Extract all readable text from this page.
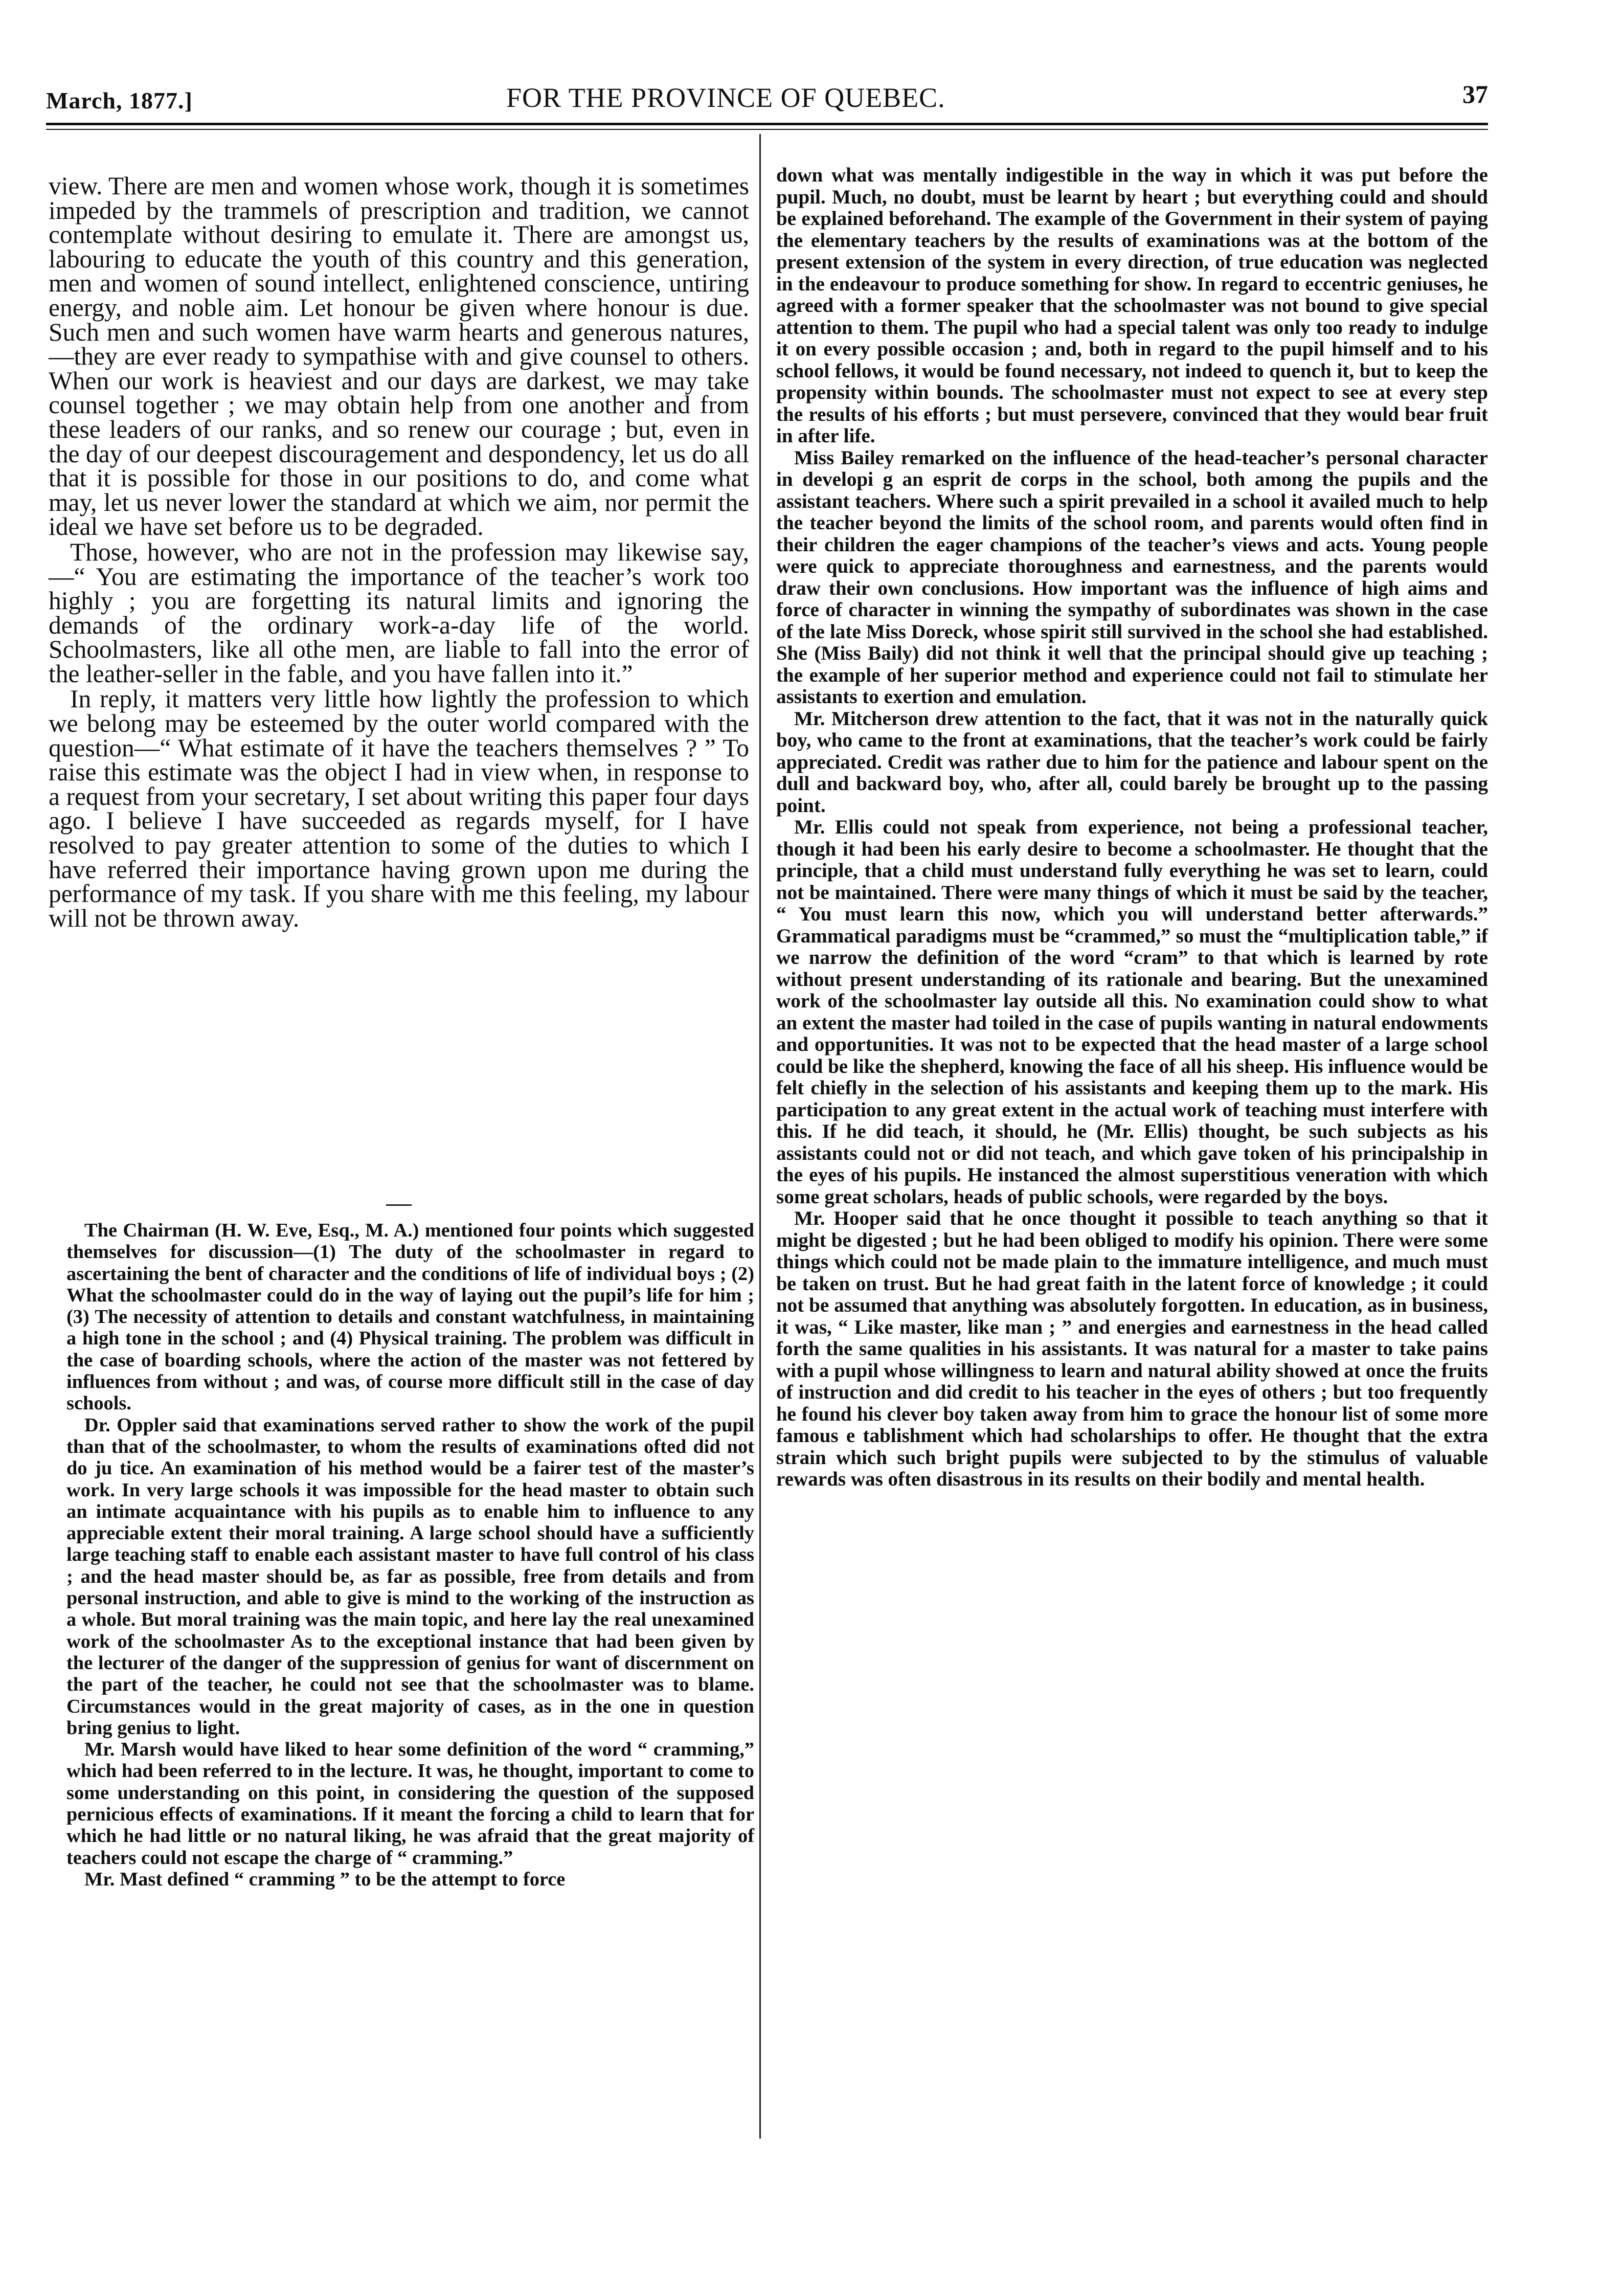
March, 1877.]	FOR THE PROVINCE OF QUEBEC.	37

view. There are men and women whose work, though it is sometimes impeded by the trammels of prescription and tradition, we cannot contemplate without desiring to emulate it. There are amongst us, labouring to educate the youth of this country and this generation, men and women of sound intellect, enlightened conscience, untiring energy, and noble aim. Let honour be given where honour is due. Such men and such women have warm hearts and generous natures,—they are ever ready to sympathise with and give counsel to others. When our work is heaviest and our days are darkest, we may take counsel together ; we may obtain help from one another and from these leaders of our ranks, and so renew our courage ; but, even in the day of our deepest discouragement and despondency, let us do all that it is possible for those in our positions to do, and come what may, let us never lower the standard at which we aim, nor permit the ideal we have set before us to be degraded.

Those, however, who are not in the profession may likewise say,—“ You are estimating the importance of the teacher’s work too highly ; you are forgetting its natural limits and ignoring the demands of the ordinary work-a-day life of the world. Schoolmasters, like all othe men, are liable to fall into the error of the leather-seller in the fable, and you have fallen into it.”

In reply, it matters very little how lightly the profession to which we belong may be esteemed by the outer world compared with the question—“ What estimate of it have the teachers themselves ? ” To raise this estimate was the object I had in view when, in response to a request from your secretary, I set about writing this paper four days ago. I believe I have succeeded as regards myself, for I have resolved to pay greater attention to some of the duties to which I have referred their importance having grown upon me during the performance of my task. If you share with me this feeling, my labour will not be thrown away.

The Chairman (H. W. Eve, Esq., M. A.) mentioned four points which suggested themselves for discussion—(1) The duty of the schoolmaster in regard to ascertaining the bent of character and the conditions of life of individual boys ; (2) What the schoolmaster could do in the way of laying out the pupil’s life for him ; (3) The necessity of attention to details and constant watchfulness, in maintaining a high tone in the school ; and (4) Physical training. The problem was difficult in the case of boarding schools, where the action of the master was not fettered by influences from without ; and was, of course more difficult still in the case of day schools.

Dr. Oppler said that examinations served rather to show the work of the pupil than that of the schoolmaster, to whom the results of examinations ofted did not do ju tice. An examination of his method would be a fairer test of the master’s work. In very large schools it was impossible for the head master to obtain such an intimate acquaintance with his pupils as to enable him to influence to any appreciable extent their moral training. A large school should have a sufficiently large teaching staff to enable each assistant master to have full control of his class ; and the head master should be, as far as possible, free from details and from personal instruction, and able to give is mind to the working of the instruction as a whole. But moral training was the main topic, and here lay the real unexamined work of the schoolmaster As to the exceptional instance that had been given by the lecturer of the danger of the suppression of genius for want of discernment on the part of the teacher, he could not see that the schoolmaster was to blame. Circumstances would in the great majority of cases, as in the one in question bring genius to light.

Mr. Marsh would have liked to hear some definition of the word “ cramming,” which had been referred to in the lecture. It was, he thought, important to come to some understanding on this point, in considering the question of the supposed pernicious effects of examinations. If it meant the forcing a child to learn that for which he had little or no natural liking, he was afraid that the great majority of teachers could not escape the charge of “ cramming.”

Mr. Mast defined “ cramming ” to be the attempt to force

down what was mentally indigestible in the way in which it was put before the pupil. Much, no doubt, must be learnt by heart ; but everything could and should be explained beforehand. The example of the Government in their system of paying the elementary teachers by the results of examinations was at the bottom of the present extension of the system in every direction, of true education was neglected in the endeavour to produce something for show. In regard to eccentric geniuses, he agreed with a former speaker that the schoolmaster was not bound to give special attention to them. The pupil who had a special talent was only too ready to indulge it on every possible occasion ; and, both in regard to the pupil himself and to his school fellows, it would be found necessary, not indeed to quench it, but to keep the propensity within bounds. The schoolmaster must not expect to see at every step the results of his efforts ; but must persevere, convinced that they would bear fruit in after life.

Miss Bailey remarked on the influence of the head-teacher’s personal character in developi g an esprit de corps in the school, both among the pupils and the assistant teachers. Where such a spirit prevailed in a school it availed much to help the teacher beyond the limits of the school room, and parents would often find in their children the eager champions of the teacher’s views and acts. Young people were quick to appreciate thoroughness and earnestness, and the parents would draw their own conclusions. How important was the influence of high aims and force of character in winning the sympathy of subordinates was shown in the case of the late Miss Doreck, whose spirit still survived in the school she had established. She (Miss Baily) did not think it well that the principal should give up teaching ; the example of her superior method and experience could not fail to stimulate her assistants to exertion and emulation.

Mr. Mitcherson drew attention to the fact, that it was not in the naturally quick boy, who came to the front at examinations, that the teacher’s work could be fairly appreciated. Credit was rather due to him for the patience and labour spent on the dull and backward boy, who, after all, could barely be brought up to the passing point.

Mr. Ellis could not speak from experience, not being a professional teacher, though it had been his early desire to become a schoolmaster. He thought that the principle, that a child must understand fully everything he was set to learn, could not be maintained. There were many things of which it must be said by the teacher, “ You must learn this now, which you will understand better afterwards.” Grammatical paradigms must be “crammed,” so must the “multiplication table,” if we narrow the definition of the word “cram” to that which is learned by rote without present understanding of its rationale and bearing. But the unexamined work of the schoolmaster lay outside all this. No examination could show to what an extent the master had toiled in the case of pupils wanting in natural endowments and opportunities. It was not to be expected that the head master of a large school could be like the shepherd, knowing the face of all his sheep. His influence would be felt chiefly in the selection of his assistants and keeping them up to the mark. His participation to any great extent in the actual work of teaching must interfere with this. If he did teach, it should, he (Mr. Ellis) thought, be such subjects as his assistants could not or did not teach, and which gave token of his principalship in the eyes of his pupils. He instanced the almost superstitious veneration with which some great scholars, heads of public schools, were regarded by the boys.

Mr. Hooper said that he once thought it possible to teach anything so that it might be digested ; but he had been obliged to modify his opinion. There were some things which could not be made plain to the immature intelligence, and much must be taken on trust. But he had great faith in the latent force of knowledge ; it could not be assumed that anything was absolutely forgotten. In education, as in business, it was, “ Like master, like man ; ” and energies and earnestness in the head called forth the same qualities in his assistants. It was natural for a master to take pains with a pupil whose willingness to learn and natural ability showed at once the fruits of instruction and did credit to his teacher in the eyes of others ; but too frequently he found his clever boy taken away from him to grace the honour list of some more famous e tablishment which had scholarships to offer. He thought that the extra strain which such bright pupils were subjected to by the stimulus of valuable rewards was often disastrous in its results on their bodily and mental health.
